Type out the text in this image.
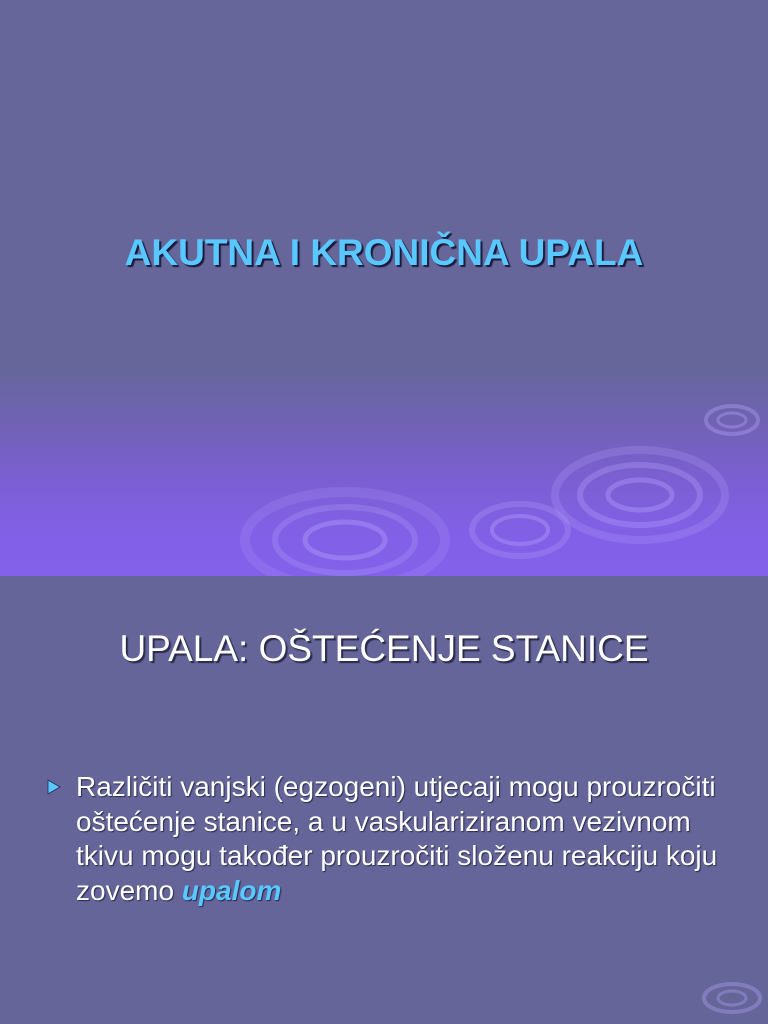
AKUTNA I KRONIČNA UPALA
UPALA: OŠTEĆENJE STANICE

Različiti vanjski (egzogeni) utjecaji mogu prouzročiti oštećenje stanice, a u vaskulariziranom vezivnom tkivu mogu također prouzročiti složenu reakciju koju zovemo upalom
